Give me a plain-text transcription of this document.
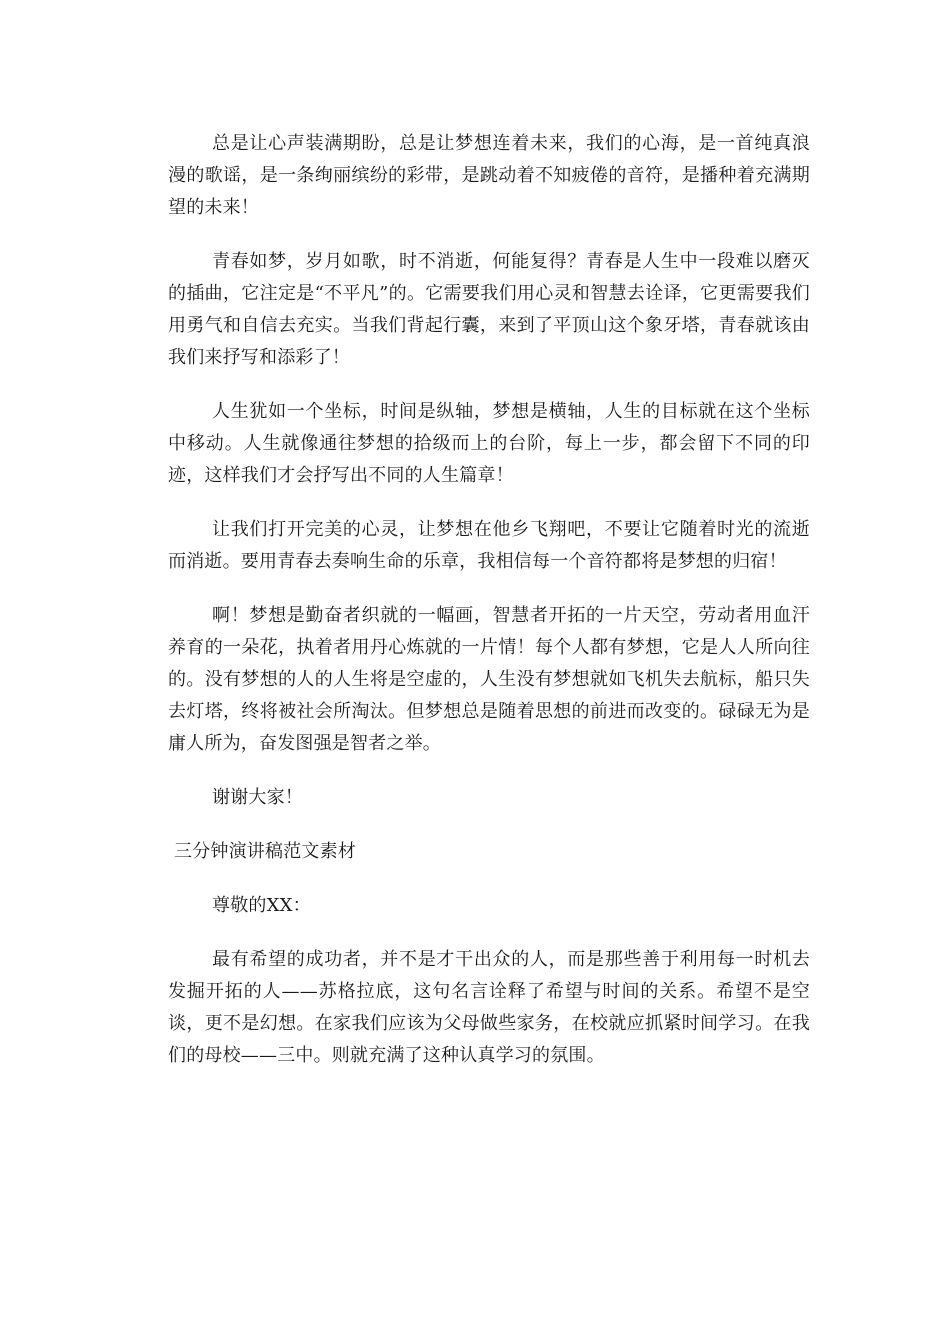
总是让心声装满期盼，总是让梦想连着未来，我们的心海，是一首纯真浪漫的歌谣，是一条绚丽缤纷的彩带，是跳动着不知疲倦的音符，是播种着充满期望的未来！

青春如梦，岁月如歌，时不消逝，何能复得？青春是人生中一段难以磨灭的插曲，它注定是“不平凡”的。它需要我们用心灵和智慧去诠译，它更需要我们用勇气和自信去充实。当我们背起行囊，来到了平顶山这个象牙塔，青春就该由我们来抒写和添彩了！

人生犹如一个坐标，时间是纵轴，梦想是横轴，人生的目标就在这个坐标中移动。人生就像通往梦想的拾级而上的台阶，每上一步，都会留下不同的印迹，这样我们才会抒写出不同的人生篇章！

让我们打开完美的心灵，让梦想在他乡飞翔吧，不要让它随着时光的流逝而消逝。要用青春去奏响生命的乐章，我相信每一个音符都将是梦想的归宿！

啊！梦想是勤奋者织就的一幅画，智慧者开拓的一片天空，劳动者用血汗养育的一朵花，执着者用丹心炼就的一片情！每个人都有梦想，它是人人所向往的。没有梦想的人的人生将是空虚的，人生没有梦想就如飞机失去航标，船只失去灯塔，终将被社会所淘汰。但梦想总是随着思想的前进而改变的。碌碌无为是庸人所为，奋发图强是智者之举。

谢谢大家！

三分钟演讲稿范文素材

尊敬的XX：

最有希望的成功者，并不是才干出众的人，而是那些善于利用每一时机去发掘开拓的人——苏格拉底，这句名言诠释了希望与时间的关系。希望不是空谈，更不是幻想。在家我们应该为父母做些家务，在校就应抓紧时间学习。在我们的母校——三中。则就充满了这种认真学习的氛围。
